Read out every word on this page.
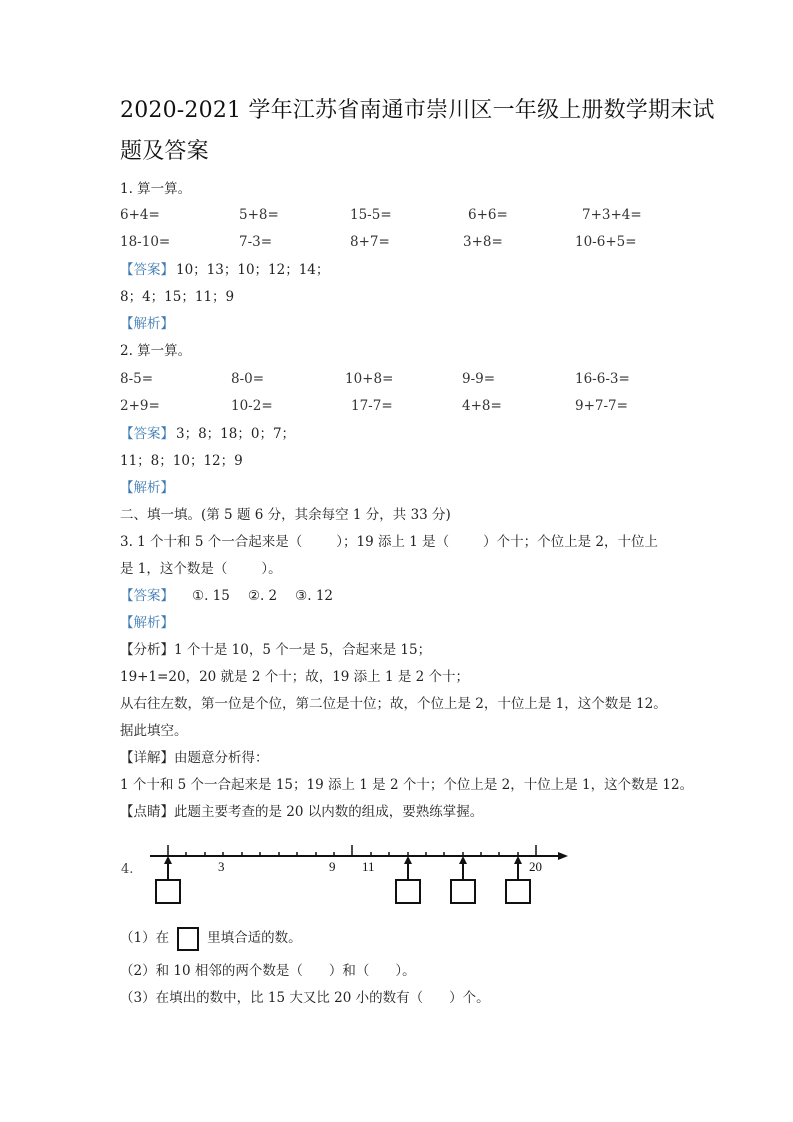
2020-2021 学年江苏省南通市崇川区一年级上册数学期末试
题及答案
1. 算一算。
6+4=	5+8=	15-5=	6+6=	7+3+4=
18-10=	7-3=	8+7=	3+8=	10-6+5=
【答案】 10；13；10；12；14；
8；4；15；11；9
【解析】
2. 算一算。
8-5=	8-0=	10+8=	9-9=	16-6-3=
2+9=	10-2=	17-7=	4+8=	9+7-7=
【答案】 3；8；18；0；7；
11；8；10；12；9
【解析】
二、填一填。(第 5 题 6 分，其余每空 1 分，共 33 分)
3. 1 个十和 5 个一合起来是（	）；19 添上 1 是（	）个十；个位上是 2，十位上
是 1，这个数是（	）。
【答案】 ①. 15 ②. 2 ③. 12
【解析】
【分析】1 个十是 10，5 个一是 5，合起来是 15；
19+1=20，20 就是 2 个十；故，19 添上 1 是 2 个十；
从右往左数，第一位是个位，第二位是十位；故，个位上是 2，十位上是 1，这个数是 12。
据此填空。
【详解】由题意分析得：
1 个十和 5 个一合起来是 15；19 添上 1 是 2 个十；个位上是 2，十位上是 1，这个数是 12。
【点睛】此题主要考查的是 20 以内数的组成，要熟练掌握。
4.	3	9 11	20
（1）在	里填合适的数。
（2）和 10 相邻的两个数是（ ）和（ ）。
（3）在填出的数中，比 15 大又比 20 小的数有（ ）个。
